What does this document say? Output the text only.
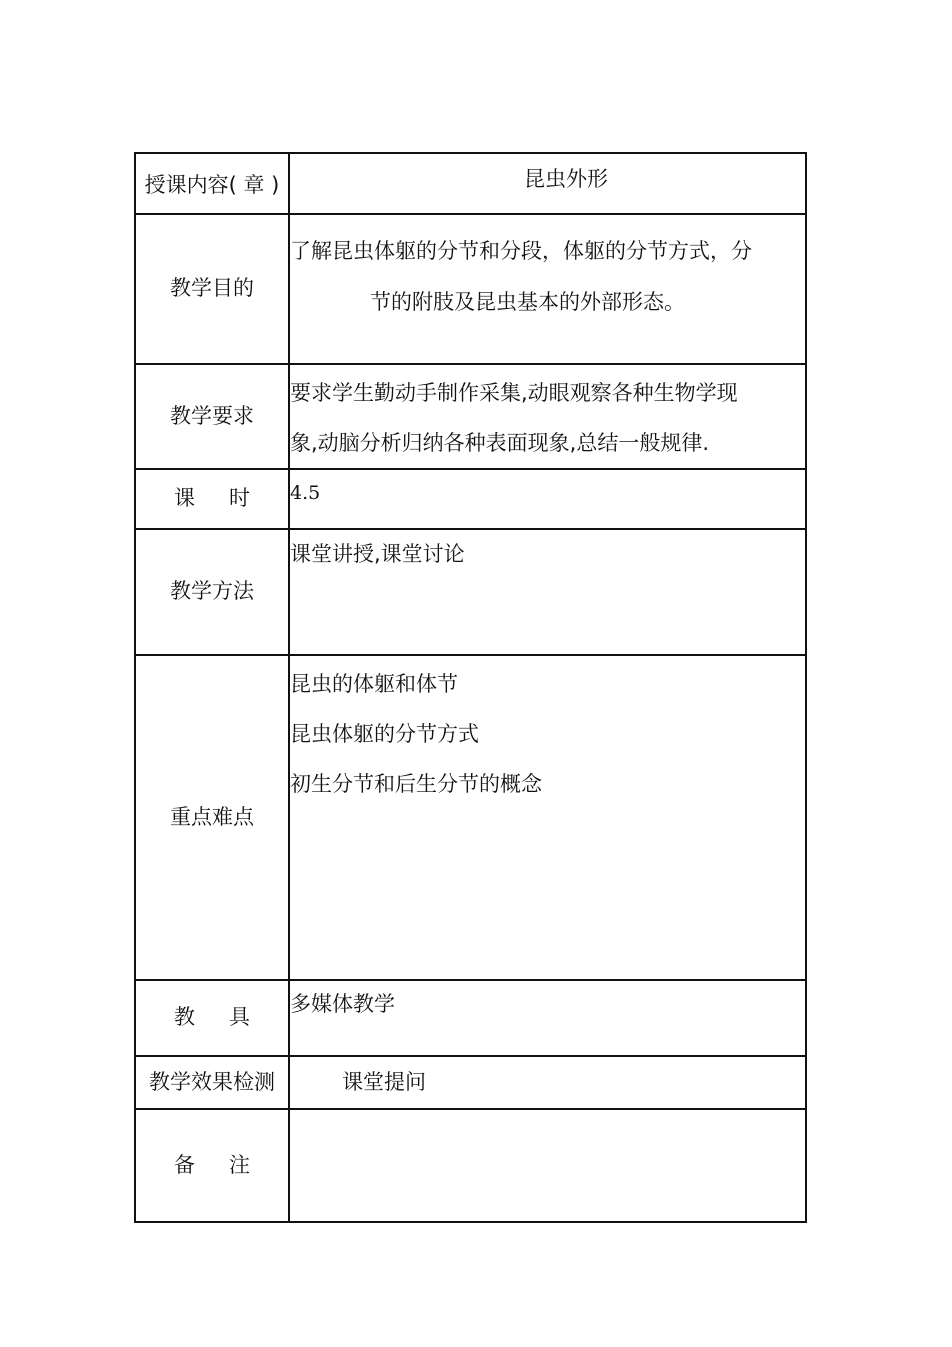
授课内容( 章 )	昆虫外形

教学目的	了解昆虫体躯的分节和分段，体躯的分节方式，分
节的附肢及昆虫基本的外部形态。

教学要求	要求学生勤动手制作采集,动眼观察各种生物学现
象,动脑分析归纳各种表面现象,总结一般规律.

课 时	4.5
教学方法	课堂讲授,课堂讨论

重点难点	昆虫的体躯和体节
昆虫体躯的分节方式
初生分节和后生分节的概念

教 具	多媒体教学

教学效果检测	课堂提问
备 注	
